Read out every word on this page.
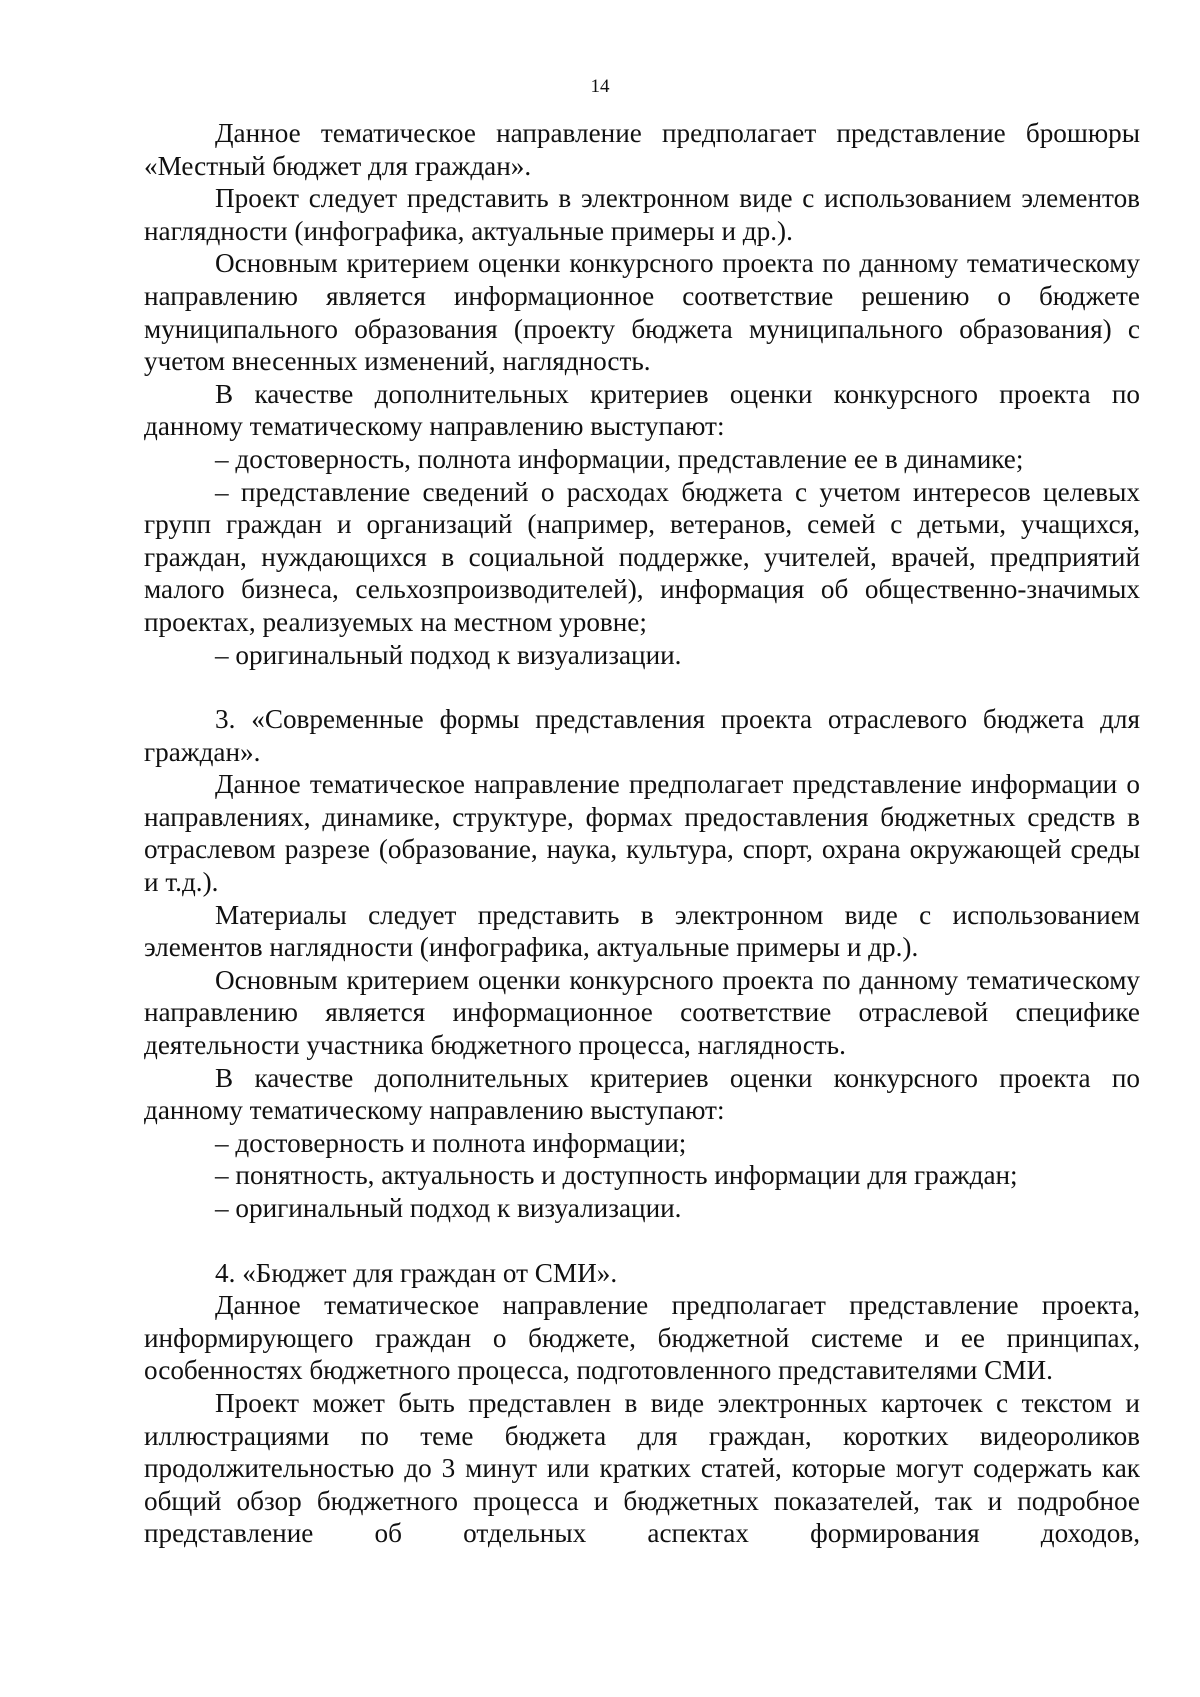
14

Данное тематическое направление предполагает представление брошюры «Местный бюджет для граждан».

Проект следует представить в электронном виде с использованием элементов наглядности (инфографика, актуальные примеры и др.).

Основным критерием оценки конкурсного проекта по данному тематическому направлению является информационное соответствие решению о бюджете муниципального образования (проекту бюджета муниципального образования) с учетом внесенных изменений, наглядность.

В качестве дополнительных критериев оценки конкурсного проекта по данному тематическому направлению выступают:

– достоверность, полнота информации, представление ее в динамике;

– представление сведений о расходах бюджета с учетом интересов целевых групп граждан и организаций (например, ветеранов, семей с детьми, учащихся, граждан, нуждающихся в социальной поддержке, учителей, врачей, предприятий малого бизнеса, сельхозпроизводителей), информация об общественно-значимых проектах, реализуемых на местном уровне;

– оригинальный подход к визуализации.

3. «Современные формы представления проекта отраслевого бюджета для граждан».

Данное тематическое направление предполагает представление информации о направлениях, динамике, структуре, формах предоставления бюджетных средств в отраслевом разрезе (образование, наука, культура, спорт, охрана окружающей среды и т.д.).

Материалы следует представить в электронном виде с использованием элементов наглядности (инфографика, актуальные примеры и др.).

Основным критерием оценки конкурсного проекта по данному тематическому направлению является информационное соответствие отраслевой специфике деятельности участника бюджетного процесса, наглядность.

В качестве дополнительных критериев оценки конкурсного проекта по данному тематическому направлению выступают:

– достоверность и полнота информации;

– понятность, актуальность и доступность информации для граждан;

– оригинальный подход к визуализации.

4. «Бюджет для граждан от СМИ».

Данное тематическое направление предполагает представление проекта, информирующего граждан о бюджете, бюджетной системе и ее принципах, особенностях бюджетного процесса, подготовленного представителями СМИ.

Проект может быть представлен в виде электронных карточек с текстом и иллюстрациями по теме бюджета для граждан, коротких видеороликов продолжительностью до 3 минут или кратких статей, которые могут содержать как общий обзор бюджетного процесса и бюджетных показателей, так и подробное представление об отдельных аспектах формирования доходов,
